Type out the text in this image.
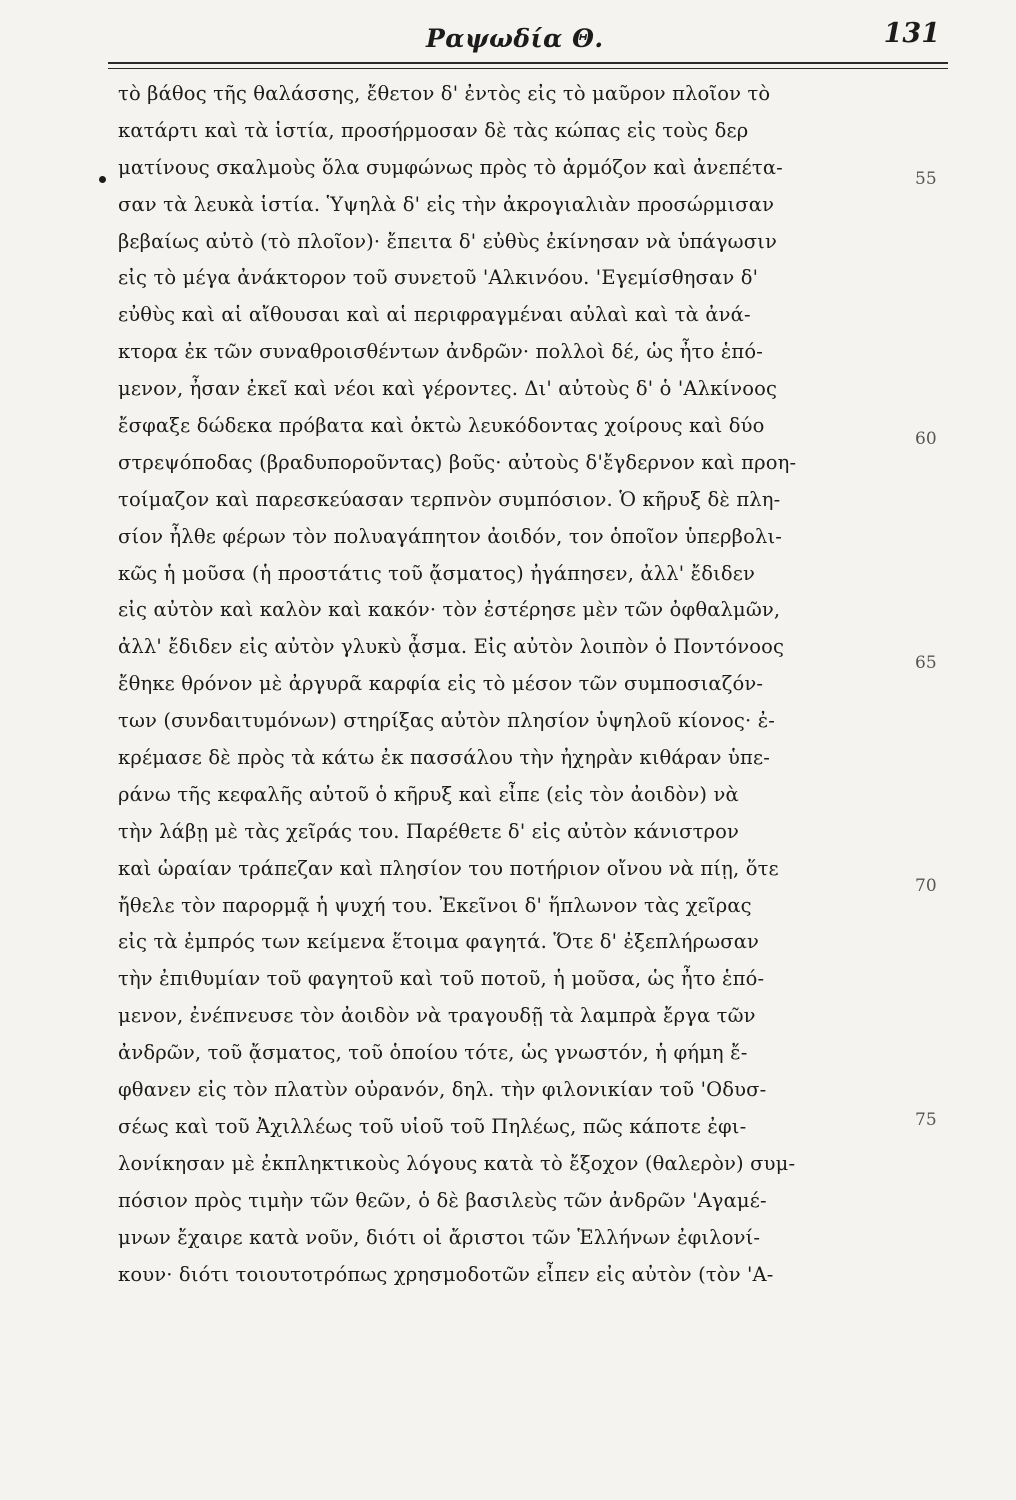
Ραψωδία Θ.	131
τὸ βάθος τῆς θαλάσσης, ἔθετον δ' ἐντὸς εἰς τὸ μαῦρον πλοῖον τὸ
κατάρτι καὶ τὰ ἱστία, προσήρμοσαν δὲ τὰς κώπας εἰς τοὺς δερ
ματίνους σκαλμοὺς ὅλα συμφώνως πρὸς τὸ ἁρμόζον καὶ ἀνεπέτα-
σαν τὰ λευκὰ ἱστία. Ὑψηλὰ δ' εἰς τὴν ἀκρογιαλιὰν προσώρμισαν
βεβαίως αὐτὸ (τὸ πλοῖον)· ἔπειτα δ' εὐθὺς ἐκίνησαν νὰ ὑπάγωσιν
εἰς τὸ μέγα ἀνάκτορον τοῦ συνετοῦ 'Αλκινόου. 'Εγεμίσθησαν δ'
εὐθὺς καὶ αἱ αἴθουσαι καὶ αἱ περιφραγμέναι αὐλαὶ καὶ τὰ ἀνά-
κτορα ἐκ τῶν συναθροισθέντων ἀνδρῶν· πολλοὶ δέ, ὡς ἦτο ἑπό-
μενον, ἦσαν ἐκεῖ καὶ νέοι καὶ γέροντες. Δι' αὐτοὺς δ' ὁ 'Αλκίνοος
ἔσφαξε δώδεκα πρόβατα καὶ ὀκτὼ λευκόδοντας χοίρους καὶ δύο
στρεψόποδας (βραδυποροῦντας) βοῦς· αὐτοὺς δ'ἔγδερνον καὶ προη-
τοίμαζον καὶ παρεσκεύασαν τερπνὸν συμπόσιον. Ὁ κῆρυξ δὲ πλη-
σίον ἦλθε φέρων τὸν πολυαγάπητον ἀοιδόν, τον ὁποῖον ὑπερβολι-
κῶς ἡ μοῦσα (ἡ προστάτις τοῦ ᾄσματος) ἠγάπησεν, ἀλλ' ἔδιδεν
εἰς αὐτὸν καὶ καλὸν καὶ κακόν· τὸν ἐστέρησε μὲν τῶν ὀφθαλμῶν,
ἀλλ' ἔδιδεν εἰς αὐτὸν γλυκὺ ᾆσμα. Εἰς αὐτὸν λοιπὸν ὁ Ποντόνοος
ἔθηκε θρόνον μὲ ἀργυρᾶ καρφία εἰς τὸ μέσον τῶν συμποσιαζόν-
των (συνδαιτυμόνων) στηρίξας αὐτὸν πλησίον ὑψηλοῦ κίονος· ἐ-
κρέμασε δὲ πρὸς τὰ κάτω ἐκ πασσάλου τὴν ἠχηρὰν κιθάραν ὑπε-
ράνω τῆς κεφαλῆς αὐτοῦ ὁ κῆρυξ καὶ εἶπε (εἰς τὸν ἀοιδὸν) νὰ
τὴν λάβῃ μὲ τὰς χεῖράς του. Παρέθετε δ' εἰς αὐτὸν κάνιστρον
καὶ ὡραίαν τράπεζαν καὶ πλησίον του ποτήριον οἴνου νὰ πίῃ, ὅτε
ἤθελε τὸν παρορμᾷ ἡ ψυχή του. Ἐκεῖνοι δ' ἥπλωνον τὰς χεῖρας
εἰς τὰ ἐμπρός των κείμενα ἕτοιμα φαγητά. Ὅτε δ' ἐξεπλήρωσαν
τὴν ἐπιθυμίαν τοῦ φαγητοῦ καὶ τοῦ ποτοῦ, ἡ μοῦσα, ὡς ἦτο ἑπό-
μενον, ἐνέπνευσε τὸν ἀοιδὸν νὰ τραγουδῇ τὰ λαμπρὰ ἔργα τῶν
ἀνδρῶν, τοῦ ᾄσματος, τοῦ ὁποίου τότε, ὡς γνωστόν, ἡ φήμη ἔ-
φθανεν εἰς τὸν πλατὺν οὐρανόν, δηλ. τὴν φιλονικίαν τοῦ 'Οδυσ-
σέως καὶ τοῦ Ἀχιλλέως τοῦ υἱοῦ τοῦ Πηλέως, πῶς κάποτε ἐφι-
λονίκησαν μὲ ἐκπληκτικοὺς λόγους κατὰ τὸ ἔξοχον (θαλερὸν) συμ-
πόσιον πρὸς τιμὴν τῶν θεῶν, ὁ δὲ βασιλεὺς τῶν ἀνδρῶν 'Αγαμέ-
μνων ἔχαιρε κατὰ νοῦν, διότι οἱ ἄριστοι τῶν Ἑλλήνων ἐφιλονί-
κουν· διότι τοιουτοτρόπως χρησμοδοτῶν εἶπεν εἰς αὐτὸν (τὸν 'Α-
55
60
65
70
75
